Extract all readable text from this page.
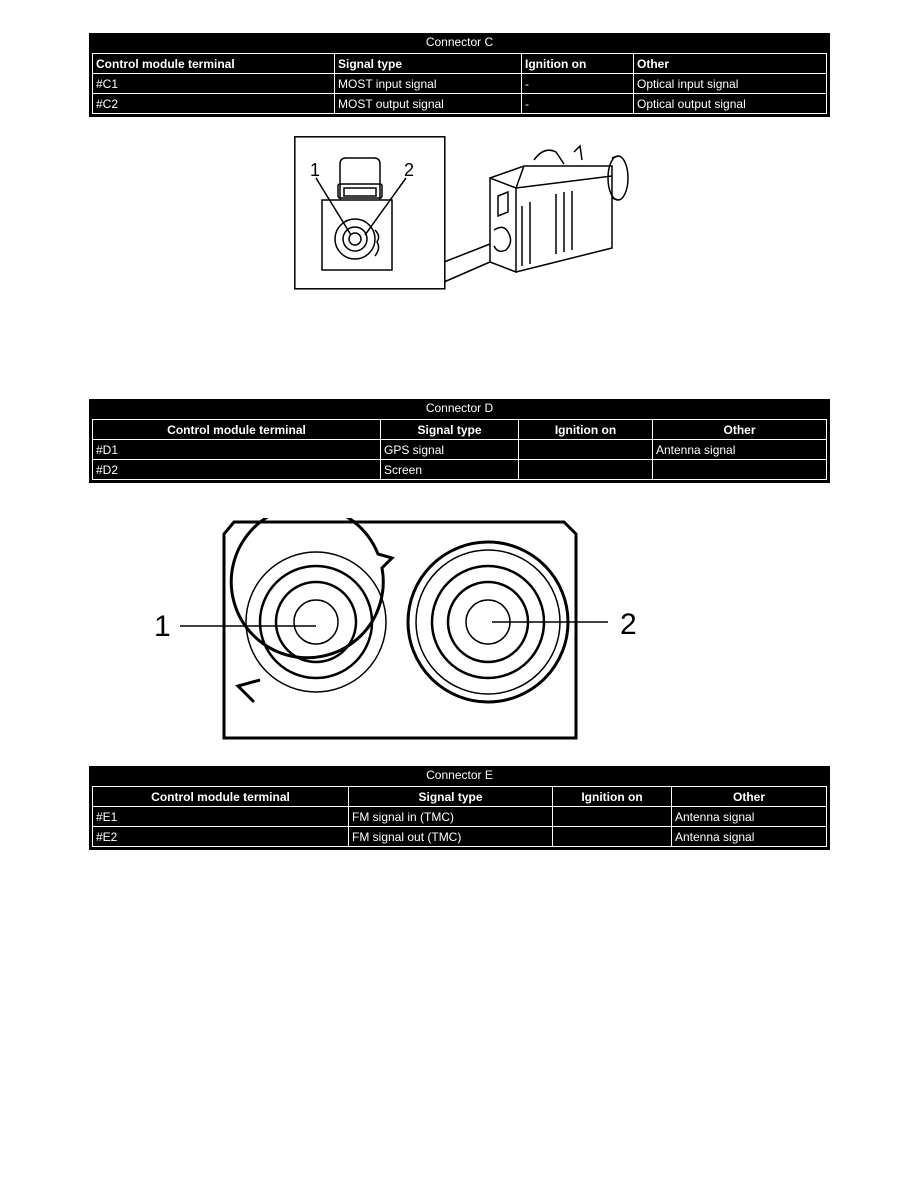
Connector C
Control module terminal	Signal type	Ignition on	Other
#C1	MOST input signal	-	Optical input signal
#C2	MOST output signal	-	Optical output signal
1	2
Connector D
Control module terminal	Signal type	Ignition on	Other
#D1	GPS signal		Antenna signal
#D2	Screen		
1	2
Connector E
Control module terminal	Signal type	Ignition on	Other
#E1	FM signal in (TMC)		Antenna signal
#E2	FM signal out (TMC)		Antenna signal
